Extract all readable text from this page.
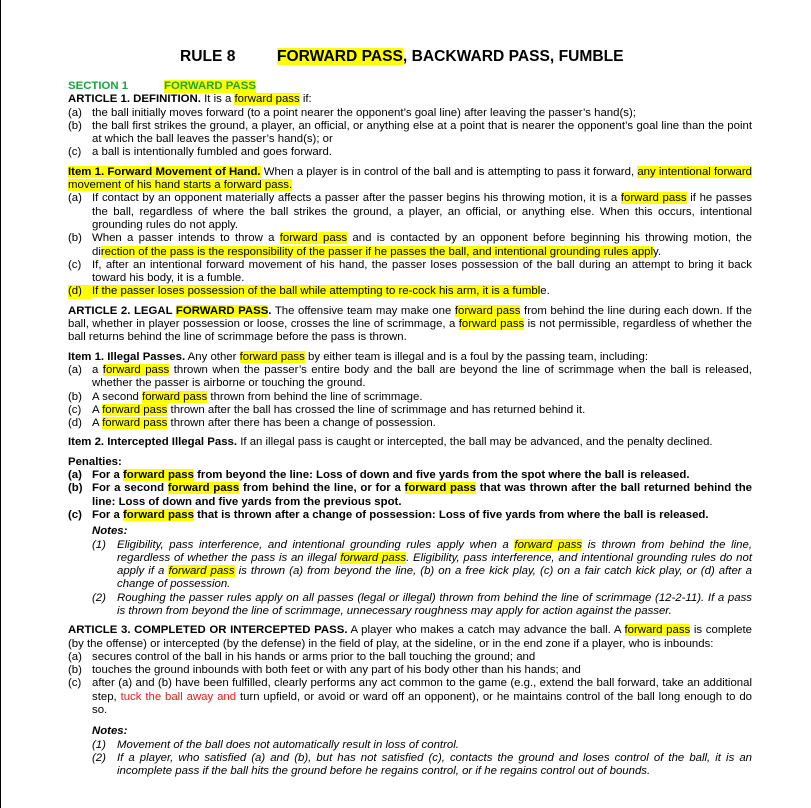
RULE 8	FORWARD PASS, BACKWARD PASS, FUMBLE
SECTION 1	FORWARD PASS

ARTICLE 1. DEFINITION. It is a forward pass if:

(a) the ball initially moves forward (to a point nearer the opponent’s goal line) after leaving the passer’s hand(s);
(b) the ball first strikes the ground, a player, an official, or anything else at a point that is nearer the opponent’s goal line than the point at which the ball leaves the passer’s hand(s); or
(c) a ball is intentionally fumbled and goes forward.

Item 1. Forward Movement of Hand. When a player is in control of the ball and is attempting to pass it forward, any intentional forward movement of his hand starts a forward pass.

(a) If contact by an opponent materially affects a passer after the passer begins his throwing motion, it is a forward pass if he passes the ball, regardless of where the ball strikes the ground, a player, an official, or anything else. When this occurs, intentional grounding rules do not apply.
(b) When a passer intends to throw a forward pass and is contacted by an opponent before beginning his throwing motion, the direction of the pass is the responsibility of the passer if he passes the ball, and intentional grounding rules apply.
(c) If, after an intentional forward movement of his hand, the passer loses possession of the ball during an attempt to bring it back toward his body, it is a fumble.
(d) If the passer loses possession of the ball while attempting to re-cock his arm, it is a fumble.

ARTICLE 2. LEGAL FORWARD PASS. The offensive team may make one forward pass from behind the line during each down. If the ball, whether in player possession or loose, crosses the line of scrimmage, a forward pass is not permissible, regardless of whether the ball returns behind the line of scrimmage before the pass is thrown.

Item 1. Illegal Passes. Any other forward pass by either team is illegal and is a foul by the passing team, including:

(a) a forward pass thrown when the passer’s entire body and the ball are beyond the line of scrimmage when the ball is released, whether the passer is airborne or touching the ground.
(b) A second forward pass thrown from behind the line of scrimmage.
(c) A forward pass thrown after the ball has crossed the line of scrimmage and has returned behind it.
(d) A forward pass thrown after there has been a change of possession.

Item 2. Intercepted Illegal Pass. If an illegal pass is caught or intercepted, the ball may be advanced, and the penalty declined.

Penalties:

(a) For a forward pass from beyond the line: Loss of down and five yards from the spot where the ball is released.
(b) For a second forward pass from behind the line, or for a forward pass that was thrown after the ball returned behind the line: Loss of down and five yards from the previous spot.
(c) For a forward pass that is thrown after a change of possession: Loss of five yards from where the ball is released.

Notes:

(1) Eligibility, pass interference, and intentional grounding rules apply when a forward pass is thrown from behind the line, regardless of whether the pass is an illegal forward pass. Eligibility, pass interference, and intentional grounding rules do not apply if a forward pass is thrown (a) from beyond the line, (b) on a free kick play, (c) on a fair catch kick play, or (d) after a change of possession.
(2) Roughing the passer rules apply on all passes (legal or illegal) thrown from behind the line of scrimmage (12-2-11). If a pass is thrown from beyond the line of scrimmage, unnecessary roughness may apply for action against the passer.

ARTICLE 3. COMPLETED OR INTERCEPTED PASS. A player who makes a catch may advance the ball. A forward pass is complete (by the offense) or intercepted (by the defense) in the field of play, at the sideline, or in the end zone if a player, who is inbounds:

(a) secures control of the ball in his hands or arms prior to the ball touching the ground; and
(b) touches the ground inbounds with both feet or with any part of his body other than his hands; and
(c) after (a) and (b) have been fulfilled, clearly performs any act common to the game (e.g., extend the ball forward, take an additional step, tuck the ball away and turn upfield, or avoid or ward off an opponent), or he maintains control of the ball long enough to do so.

Notes:

(1) Movement of the ball does not automatically result in loss of control.
(2) If a player, who satisfied (a) and (b), but has not satisfied (c), contacts the ground and loses control of the ball, it is an incomplete pass if the ball hits the ground before he regains control, or if he regains control out of bounds.
